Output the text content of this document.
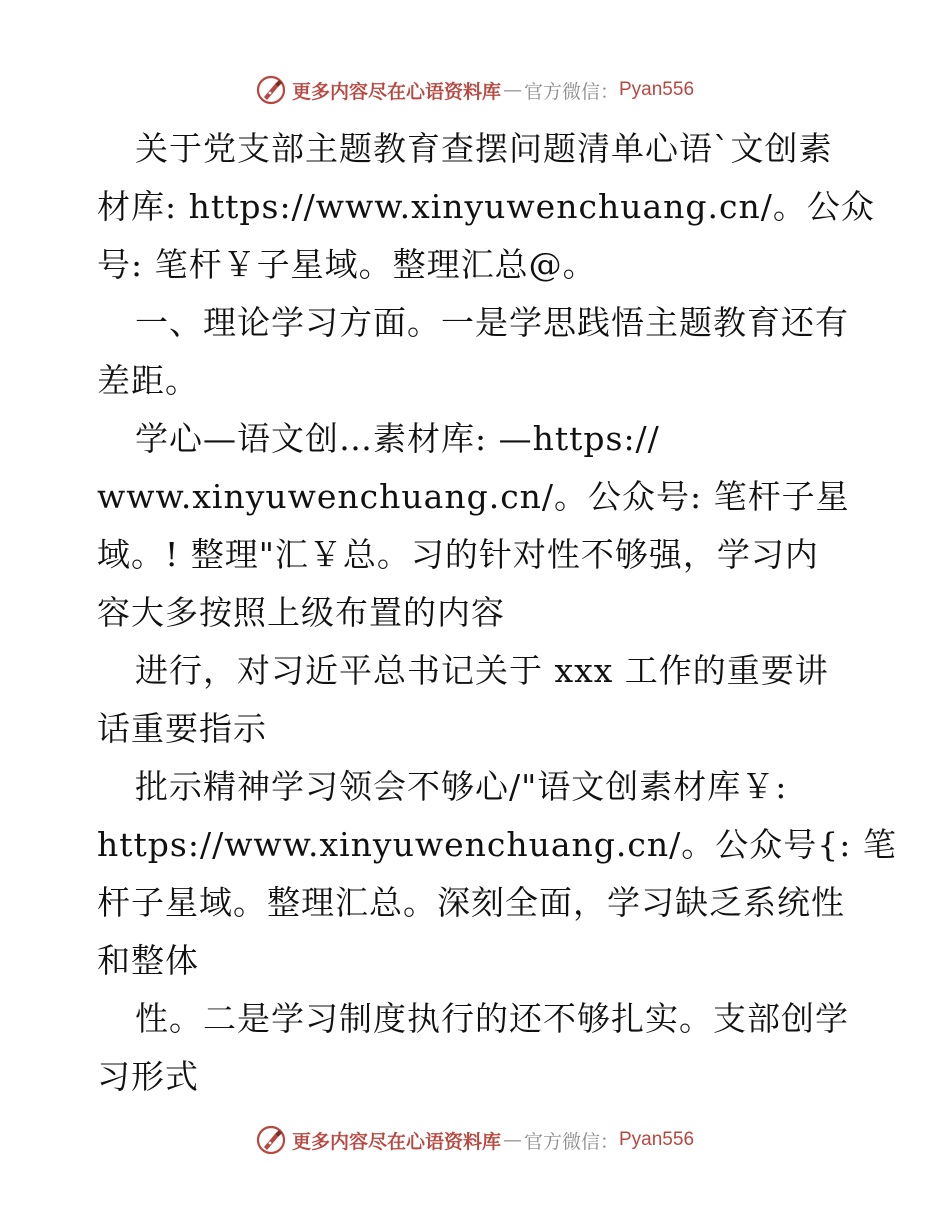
更多内容尽在心语资料库 — 官方微信： Pyan556
关于党支部主题教育查摆问题清单心语`文创素
材库: https://www.xinyuwenchuang.cn/。公众
号: 笔杆￥子星域。整理汇总@。
一、理论学习方面。一是学思践悟主题教育还有
差距。
学心—语文创…素材库: —https://
www.xinyuwenchuang.cn/。公众号: 笔杆子星
域。! 整理"汇￥总。习的针对性不够强，学习内
容大多按照上级布置的内容
进行，对习近平总书记关于 xxx 工作的重要讲
话重要指示
批示精神学习领会不够心/"语文创素材库￥:
https://www.xinyuwenchuang.cn/。公众号{: 笔
杆子星域。整理汇总。深刻全面，学习缺乏系统性
和整体
性。二是学习制度执行的还不够扎实。支部创学
习形式
更多内容尽在心语资料库 — 官方微信： Pyan556
